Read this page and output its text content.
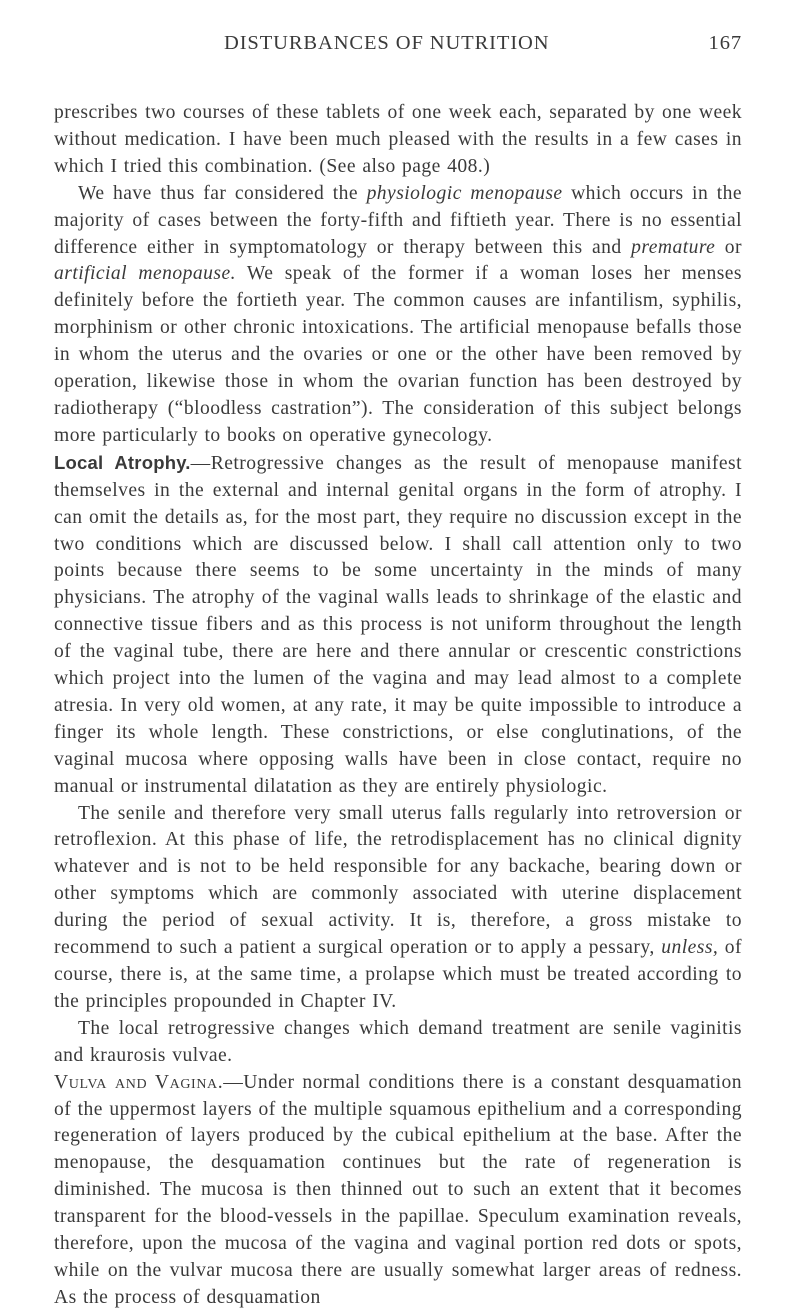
DISTURBANCES OF NUTRITION	167

prescribes two courses of these tablets of one week each, separated by one week without medication. I have been much pleased with the results in a few cases in which I tried this combination. (See also page 408.)

We have thus far considered the physiologic menopause which occurs in the majority of cases between the forty-fifth and fiftieth year. There is no essential difference either in symptomatology or therapy between this and premature or artificial menopause. We speak of the former if a woman loses her menses definitely before the fortieth year. The common causes are infantilism, syphilis, morphinism or other chronic intoxications. The artificial menopause befalls those in whom the uterus and the ovaries or one or the other have been removed by operation, likewise those in whom the ovarian function has been destroyed by radiotherapy (“bloodless castration”). The consideration of this subject belongs more particularly to books on operative gynecology.

Local Atrophy.—Retrogressive changes as the result of menopause manifest themselves in the external and internal genital organs in the form of atrophy. I can omit the details as, for the most part, they require no discussion except in the two conditions which are discussed below. I shall call attention only to two points because there seems to be some uncertainty in the minds of many physicians. The atrophy of the vaginal walls leads to shrinkage of the elastic and connective tissue fibers and as this process is not uniform throughout the length of the vaginal tube, there are here and there annular or crescentic constrictions which project into the lumen of the vagina and may lead almost to a complete atresia. In very old women, at any rate, it may be quite impossible to introduce a finger its whole length. These constrictions, or else conglutinations, of the vaginal mucosa where opposing walls have been in close contact, require no manual or instrumental dilatation as they are entirely physiologic.

The senile and therefore very small uterus falls regularly into retroversion or retroflexion. At this phase of life, the retrodisplacement has no clinical dignity whatever and is not to be held responsible for any backache, bearing down or other symptoms which are commonly associated with uterine displacement during the period of sexual activity. It is, therefore, a gross mistake to recommend to such a patient a surgical operation or to apply a pessary, unless, of course, there is, at the same time, a prolapse which must be treated according to the principles propounded in Chapter IV.

The local retrogressive changes which demand treatment are senile vaginitis and kraurosis vulvae.

Vulva and Vagina.—Under normal conditions there is a constant desquamation of the uppermost layers of the multiple squamous epithelium and a corresponding regeneration of layers produced by the cubical epithelium at the base. After the menopause, the desquamation continues but the rate of regeneration is diminished. The mucosa is then thinned out to such an extent that it becomes transparent for the blood-vessels in the papillae. Speculum examination reveals, therefore, upon the mucosa of the vagina and vaginal portion red dots or spots, while on the vulvar mucosa there are usually somewhat larger areas of redness. As the process of desquamation
